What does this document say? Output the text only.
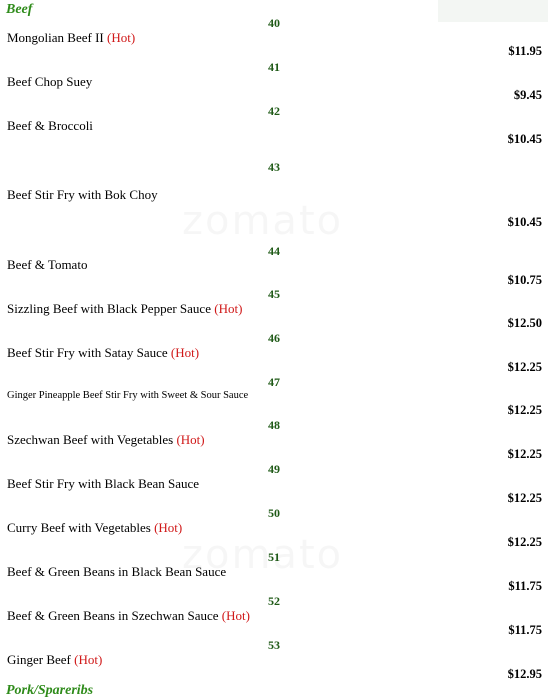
Beef
40
Mongolian Beef II (Hot)
$11.95
41
Beef Chop Suey
$9.45
42
Beef & Broccoli
$10.45
43
Beef Stir Fry with Bok Choy
$10.45
44
Beef & Tomato
$10.75
45
Sizzling Beef with Black Pepper Sauce (Hot)
$12.50
46
Beef Stir Fry with Satay Sauce (Hot)
$12.25
47
Ginger Pineapple Beef Stir Fry with Sweet & Sour Sauce
$12.25
48
Szechwan Beef with Vegetables (Hot)
$12.25
49
Beef Stir Fry with Black Bean Sauce
$12.25
50
Curry Beef with Vegetables (Hot)
$12.25
51
Beef & Green Beans in Black Bean Sauce
$11.75
52
Beef & Green Beans in Szechwan Sauce (Hot)
$11.75
53
Ginger Beef (Hot)
$12.95
Pork/Spareribs
